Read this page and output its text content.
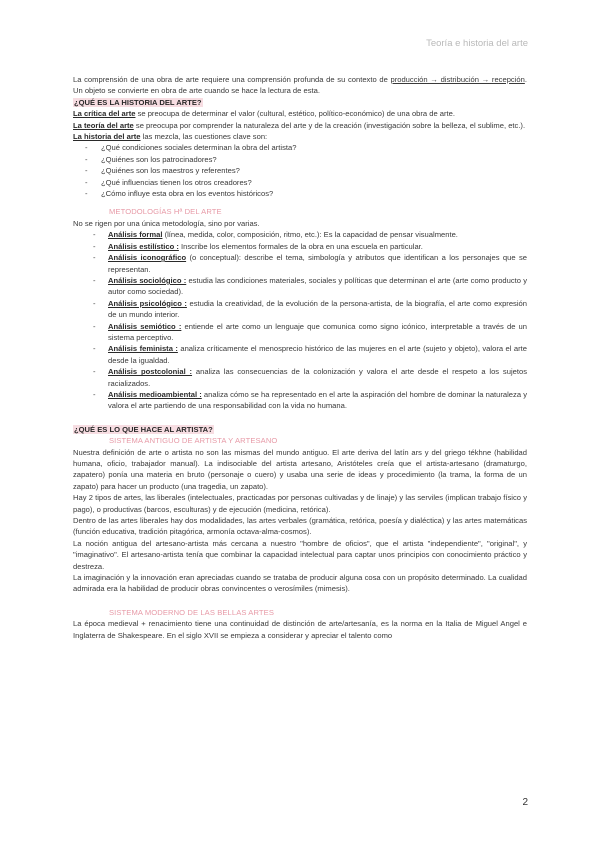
Teoría e historia del arte

La comprensión de una obra de arte requiere una comprensión profunda de su contexto de producción → distribución → recepción. Un objeto se convierte en obra de arte cuando se hace la lectura de esta.

¿QUÉ ES LA HISTORIA DEL ARTE?

La crítica del arte se preocupa de determinar el valor (cultural, estético, político-económico) de una obra de arte.

La teoría del arte se preocupa por comprender la naturaleza del arte y de la creación (investigación sobre la belleza, el sublime, etc.).

La historia del arte las mezcla, las cuestiones clave son:

- ¿Qué condiciones sociales determinan la obra del artista?
- ¿Quiénes son los patrocinadores?
- ¿Quiénes son los maestros y referentes?
- ¿Qué influencias tienen los otros creadores?
- ¿Cómo influye esta obra en los eventos históricos?

METODOLOGÍAS Hª DEL ARTE

No se rigen por una única metodología, sino por varias.

- Análisis formal (línea, medida, color, composición, ritmo, etc.): Es la capacidad de pensar visualmente.
- Análisis estilístico : Inscribe los elementos formales de la obra en una escuela en particular.
- Análisis iconográfico (o conceptual): describe el tema, simbología y atributos que identifican a los personajes que se representan.
- Análisis sociológico : estudia las condiciones materiales, sociales y políticas que determinan el arte (arte como producto y autor como sociedad).
- Análisis psicológico : estudia la creatividad, de la evolución de la persona-artista, de la biografía, el arte como expresión de un mundo interior.
- Análisis semiótico : entiende el arte como un lenguaje que comunica como signo icónico, interpretable a través de un sistema perceptivo.
- Análisis feminista : analiza críticamente el menosprecio histórico de las mujeres en el arte (sujeto y objeto), valora el arte desde la igualdad.
- Análisis postcolonial : analiza las consecuencias de la colonización y valora el arte desde el respeto a los sujetos racializados.
- Análisis medioambiental : analiza cómo se ha representado en el arte la aspiración del hombre de dominar la naturaleza y valora el arte partiendo de una responsabilidad con la vida no humana.

¿QUÉ ES LO QUE HACE AL ARTISTA?

SISTEMA ANTIGUO DE ARTISTA Y ARTESANO

Nuestra definición de arte o artista no son las mismas del mundo antiguo. El arte deriva del latín ars y del griego tékhne (habilidad humana, oficio, trabajador manual). La indisociable del artista artesano, Aristóteles creía que el artista-artesano (dramaturgo, zapatero) ponía una materia en bruto (personaje o cuero) y usaba una serie de ideas y procedimiento (la trama, la forma de un zapato) para hacer un producto (una tragedia, un zapato).

Hay 2 tipos de artes, las liberales (intelectuales, practicadas por personas cultivadas y de linaje) y las serviles (implican trabajo físico y pago), o productivas (barcos, esculturas) y de ejecución (medicina, retórica).

Dentro de las artes liberales hay dos modalidades, las artes verbales (gramática, retórica, poesía y dialéctica) y las artes matemáticas (función educativa, tradición pitagórica, armonía octava-alma-cosmos).

La noción antigua del artesano-artista más cercana a nuestro "hombre de oficios", que el artista "independiente", "original", y "imaginativo". El artesano-artista tenía que combinar la capacidad intelectual para captar unos principios con conocimiento práctico y destreza.

La imaginación y la innovación eran apreciadas cuando se trataba de producir alguna cosa con un propósito determinado. La cualidad admirada era la habilidad de producir obras convincentes o verosímiles (mimesis).

SISTEMA MODERNO DE LAS BELLAS ARTES

La época medieval + renacimiento tiene una continuidad de distinción de arte/artesanía, es la norma en la Italia de Miguel Angel e Inglaterra de Shakespeare. En el siglo XVII se empieza a considerar y apreciar el talento como

2
